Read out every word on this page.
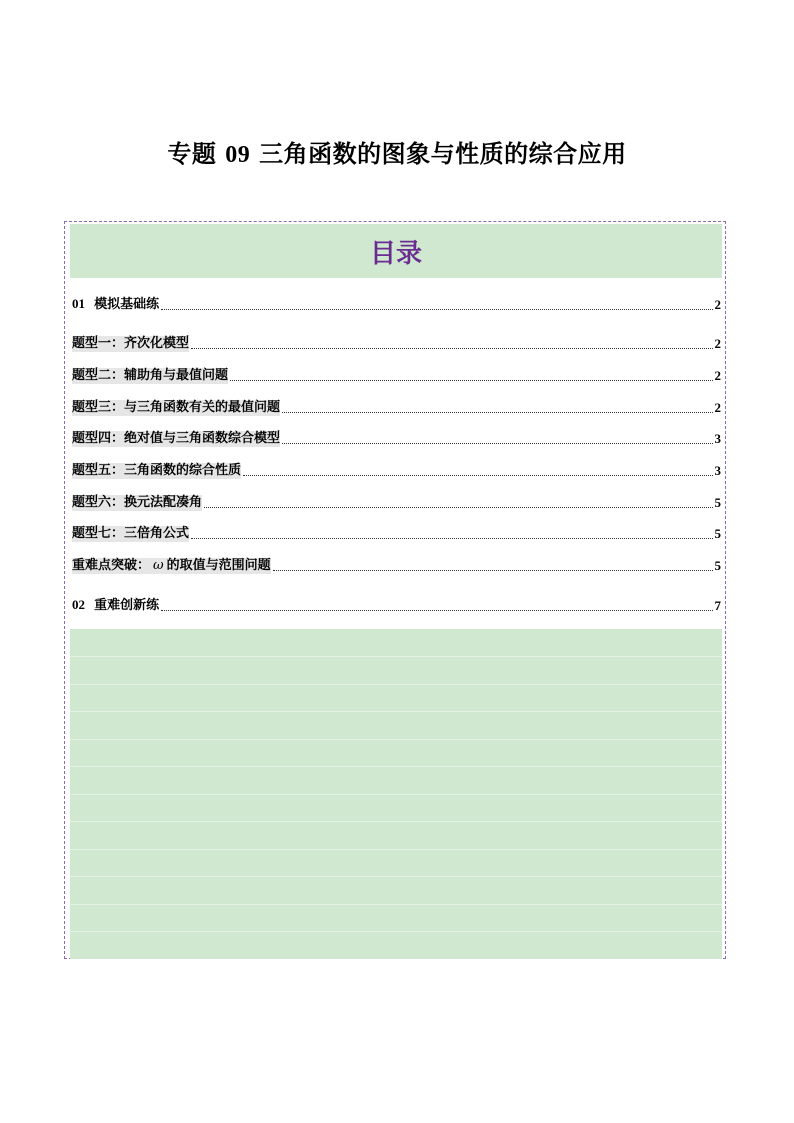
专题 09 三角函数的图象与性质的综合应用
目录
01 模拟基础练	2
题型一：齐次化模型	2
题型二：辅助角与最值问题	2
题型三：与三角函数有关的最值问题	2
题型四：绝对值与三角函数综合模型	3
题型五：三角函数的综合性质	3
题型六：换元法配凑角	5
题型七：三倍角公式	5
重难点突破： ω 的取值与范围问题	5
02 重难创新练	7
